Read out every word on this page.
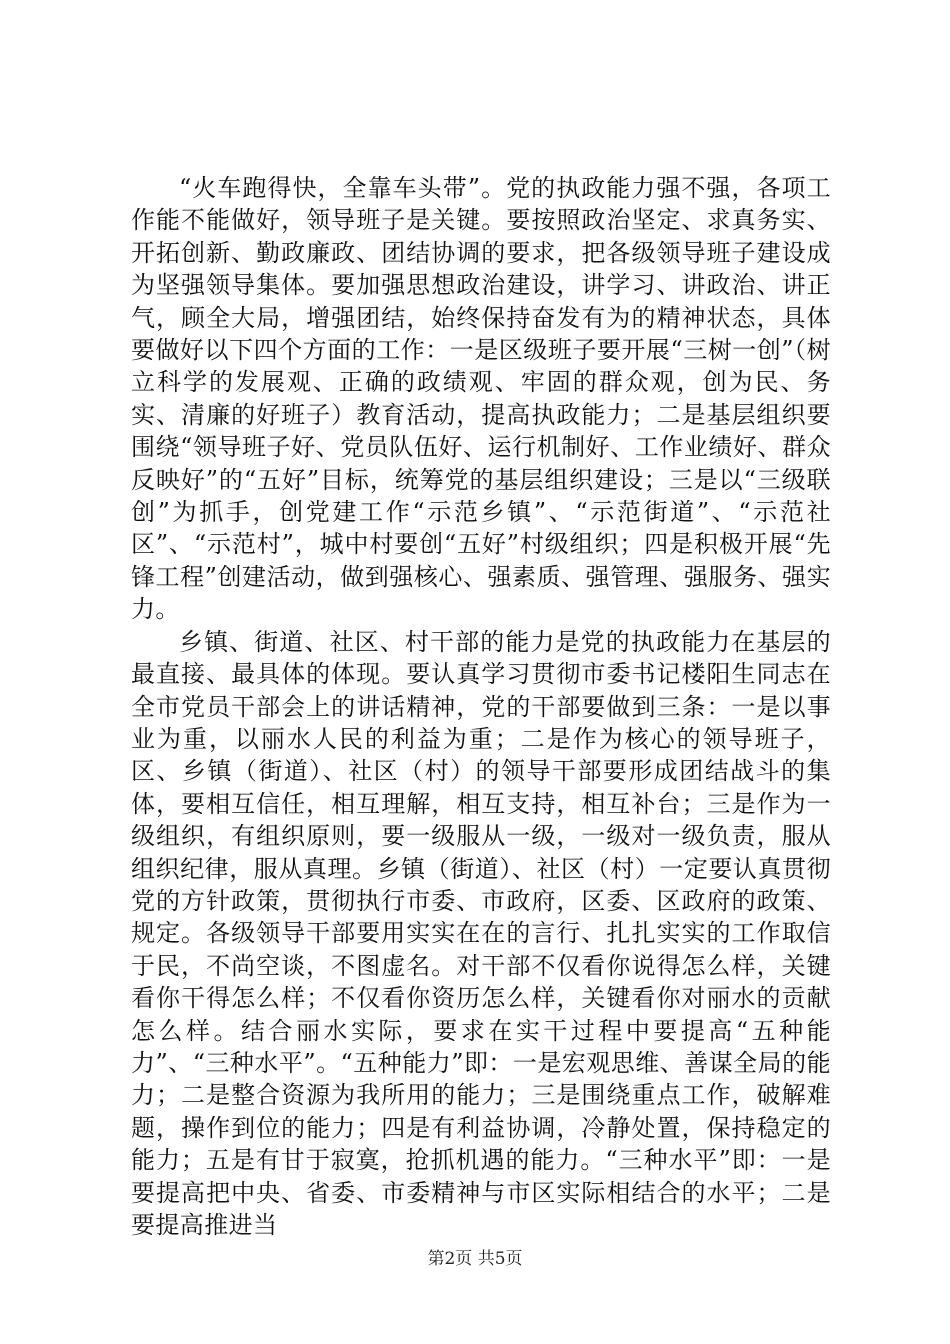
“火车跑得快，全靠车头带”。党的执政能力强不强，各项工作能不能做好，领导班子是关键。要按照政治坚定、求真务实、开拓创新、勤政廉政、团结协调的要求，把各级领导班子建设成为坚强领导集体。要加强思想政治建设，讲学习、讲政治、讲正气，顾全大局，增强团结，始终保持奋发有为的精神状态，具体要做好以下四个方面的工作：一是区级班子要开展“三树一创”（树立科学的发展观、正确的政绩观、牢固的群众观，创为民、务实、清廉的好班子）教育活动，提高执政能力；二是基层组织要围绕“领导班子好、党员队伍好、运行机制好、工作业绩好、群众反映好”的“五好”目标，统筹党的基层组织建设；三是以“三级联创”为抓手，创党建工作“示范乡镇”、“示范街道”、“示范社区”、“示范村”，城中村要创“五好”村级组织；四是积极开展“先锋工程”创建活动，做到强核心、强素质、强管理、强服务、强实力。

乡镇、街道、社区、村干部的能力是党的执政能力在基层的最直接、最具体的体现。要认真学习贯彻市委书记楼阳生同志在全市党员干部会上的讲话精神，党的干部要做到三条：一是以事业为重，以丽水人民的利益为重；二是作为核心的领导班子，区、乡镇（街道）、社区（村）的领导干部要形成团结战斗的集体，要相互信任，相互理解，相互支持，相互补台；三是作为一级组织，有组织原则，要一级服从一级，一级对一级负责，服从组织纪律，服从真理。乡镇（街道）、社区（村）一定要认真贯彻党的方针政策，贯彻执行市委、市政府，区委、区政府的政策、规定。各级领导干部要用实实在在的言行、扎扎实实的工作取信于民，不尚空谈，不图虚名。对干部不仅看你说得怎么样，关键看你干得怎么样；不仅看你资历怎么样，关键看你对丽水的贡献怎么样。结合丽水实际，要求在实干过程中要提高“五种能力”、“三种水平”。“五种能力”即：一是宏观思维、善谋全局的能力；二是整合资源为我所用的能力；三是围绕重点工作，破解难题，操作到位的能力；四是有利益协调，冷静处置，保持稳定的能力；五是有甘于寂寞，抢抓机遇的能力。“三种水平”即：一是要提高把中央、省委、市委精神与市区实际相结合的水平；二是要提高推进当

第2页 共5页
